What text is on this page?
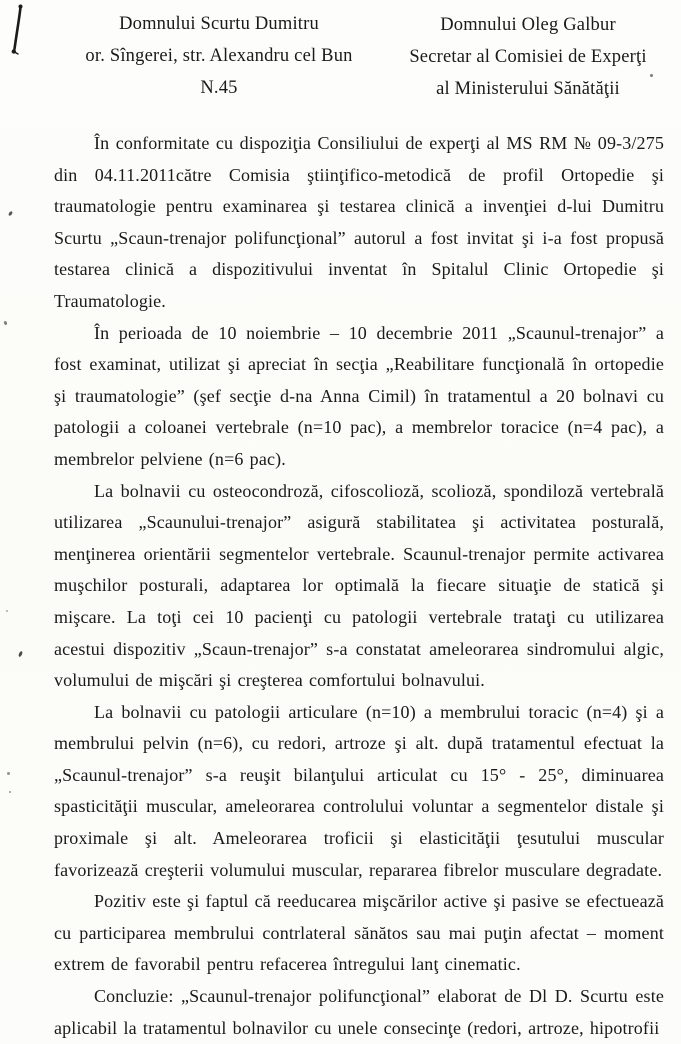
Domnului Scurtu Dumitru
or. Sîngerei, str. Alexandru cel Bun
N.45
Domnului Oleg Galbur
Secretar al Comisiei de Experţi
al Ministerului Sănătăţii

În conformitate cu dispoziţia Consiliului de experţi al MS RM № 09-3/275 din 04.11.2011către Comisia ştiinţifico-metodică de profil Ortopedie şi traumatologie pentru examinarea şi testarea clinică a invenţiei d-lui Dumitru Scurtu „Scaun-trenajor polifuncţional” autorul a fost invitat şi i-a fost propusă testarea clinică a dispozitivului inventat în Spitalul Clinic Ortopedie şi Traumatologie.

În perioada de 10 noiembrie – 10 decembrie 2011 „Scaunul-trenajor” a fost examinat, utilizat şi apreciat în secţia „Reabilitare funcţională în ortopedie şi traumatologie” (şef secţie d-na Anna Cimil) în tratamentul a 20 bolnavi cu patologii a coloanei vertebrale (n=10 pac), a membrelor toracice (n=4 pac), a membrelor pelviene (n=6 pac).

La bolnavii cu osteocondroză, cifoscolioză, scolioză, spondiloză vertebrală utilizarea „Scaunului-trenajor” asigură stabilitatea şi activitatea posturală, menţinerea orientării segmentelor vertebrale. Scaunul-trenajor permite activarea muşchilor posturali, adaptarea lor optimală la fiecare situaţie de statică şi mişcare. La toţi cei 10 pacienţi cu patologii vertebrale trataţi cu utilizarea acestui dispozitiv „Scaun-trenajor” s-a constatat ameleorarea sindromului algic, volumului de mişcări şi creşterea comfortului bolnavului.

La bolnavii cu patologii articulare (n=10) a membrului toracic (n=4) şi a membrului pelvin (n=6), cu redori, artroze şi alt. după tratamentul efectuat la „Scaunul-trenajor” s-a reuşit bilanţului articulat cu 15° - 25°, diminuarea spasticităţii muscular, ameleorarea controlului voluntar a segmentelor distale şi proximale şi alt. Ameleorarea troficii şi elasticităţii ţesutului muscular favorizează creşterii volumului muscular, repararea fibrelor musculare degradate.

Pozitiv este şi faptul că reeducarea mişcărilor active şi pasive se efectuează cu participarea membrului contrlateral sănătos sau mai puţin afectat – moment extrem de favorabil pentru refacerea întregului lanţ cinematic.

Concluzie: „Scaunul-trenajor polifuncţional” elaborat de Dl D. Scurtu este aplicabil la tratamentul bolnavilor cu unele consecinţe (redori, artroze, hipotrofii
